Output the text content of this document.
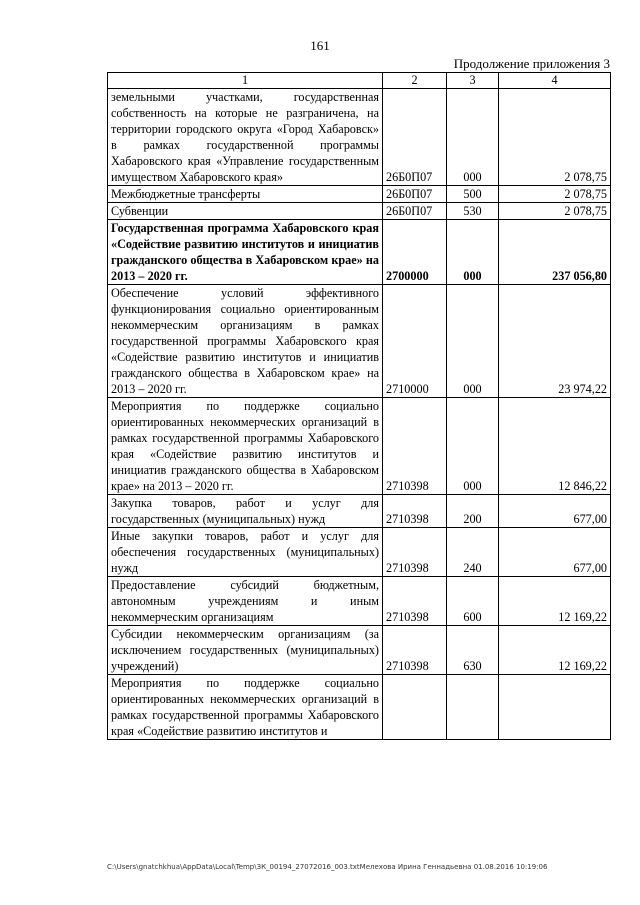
161
Продолжение приложения 3
1	2	3	4
земельными участками, государственная собственность на которые не разграничена, на территории городского округа «Город Хабаровск» в рамках государственной программы Хабаровского края «Управление государственным имуществом Хабаровского края»	26Б0П07	000	2 078,75
Межбюджетные трансферты	26Б0П07	500	2 078,75
Субвенции	26Б0П07	530	2 078,75
Государственная программа Хабаровского края «Содействие развитию институтов и инициатив гражданского общества в Хабаровском крае» на 2013 – 2020 гг.	2700000	000	237 056,80
Обеспечение условий эффективного функционирования социально ориентированным некоммерческим организациям в рамках государственной программы Хабаровского края «Содействие развитию институтов и инициатив гражданского общества в Хабаровском крае» на 2013 – 2020 гг.	2710000	000	23 974,22
Мероприятия по поддержке социально ориентированных некоммерческих организаций в рамках государственной программы Хабаровского края «Содействие развитию институтов и инициатив гражданского общества в Хабаровском крае» на 2013 – 2020 гг.	2710398	000	12 846,22
Закупка товаров, работ и услуг для государственных (муниципальных) нужд	2710398	200	677,00
Иные закупки товаров, работ и услуг для обеспечения государственных (муниципальных) нужд	2710398	240	677,00
Предоставление субсидий бюджетным, автономным учреждениям и иным некоммерческим организациям	2710398	600	12 169,22
Субсидии некоммерческим организациям (за исключением государственных (муниципальных) учреждений)	2710398	630	12 169,22
Мероприятия по поддержке социально ориентированных некоммерческих организаций в рамках государственной программы Хабаровского края «Содействие развитию институтов и			
C:\Users\gnatchkhua\AppData\Local\Temp\ЗК_00194_27072016_003.txtМелехова Ирина Геннадьевна 01.08.2016 10:19:06
